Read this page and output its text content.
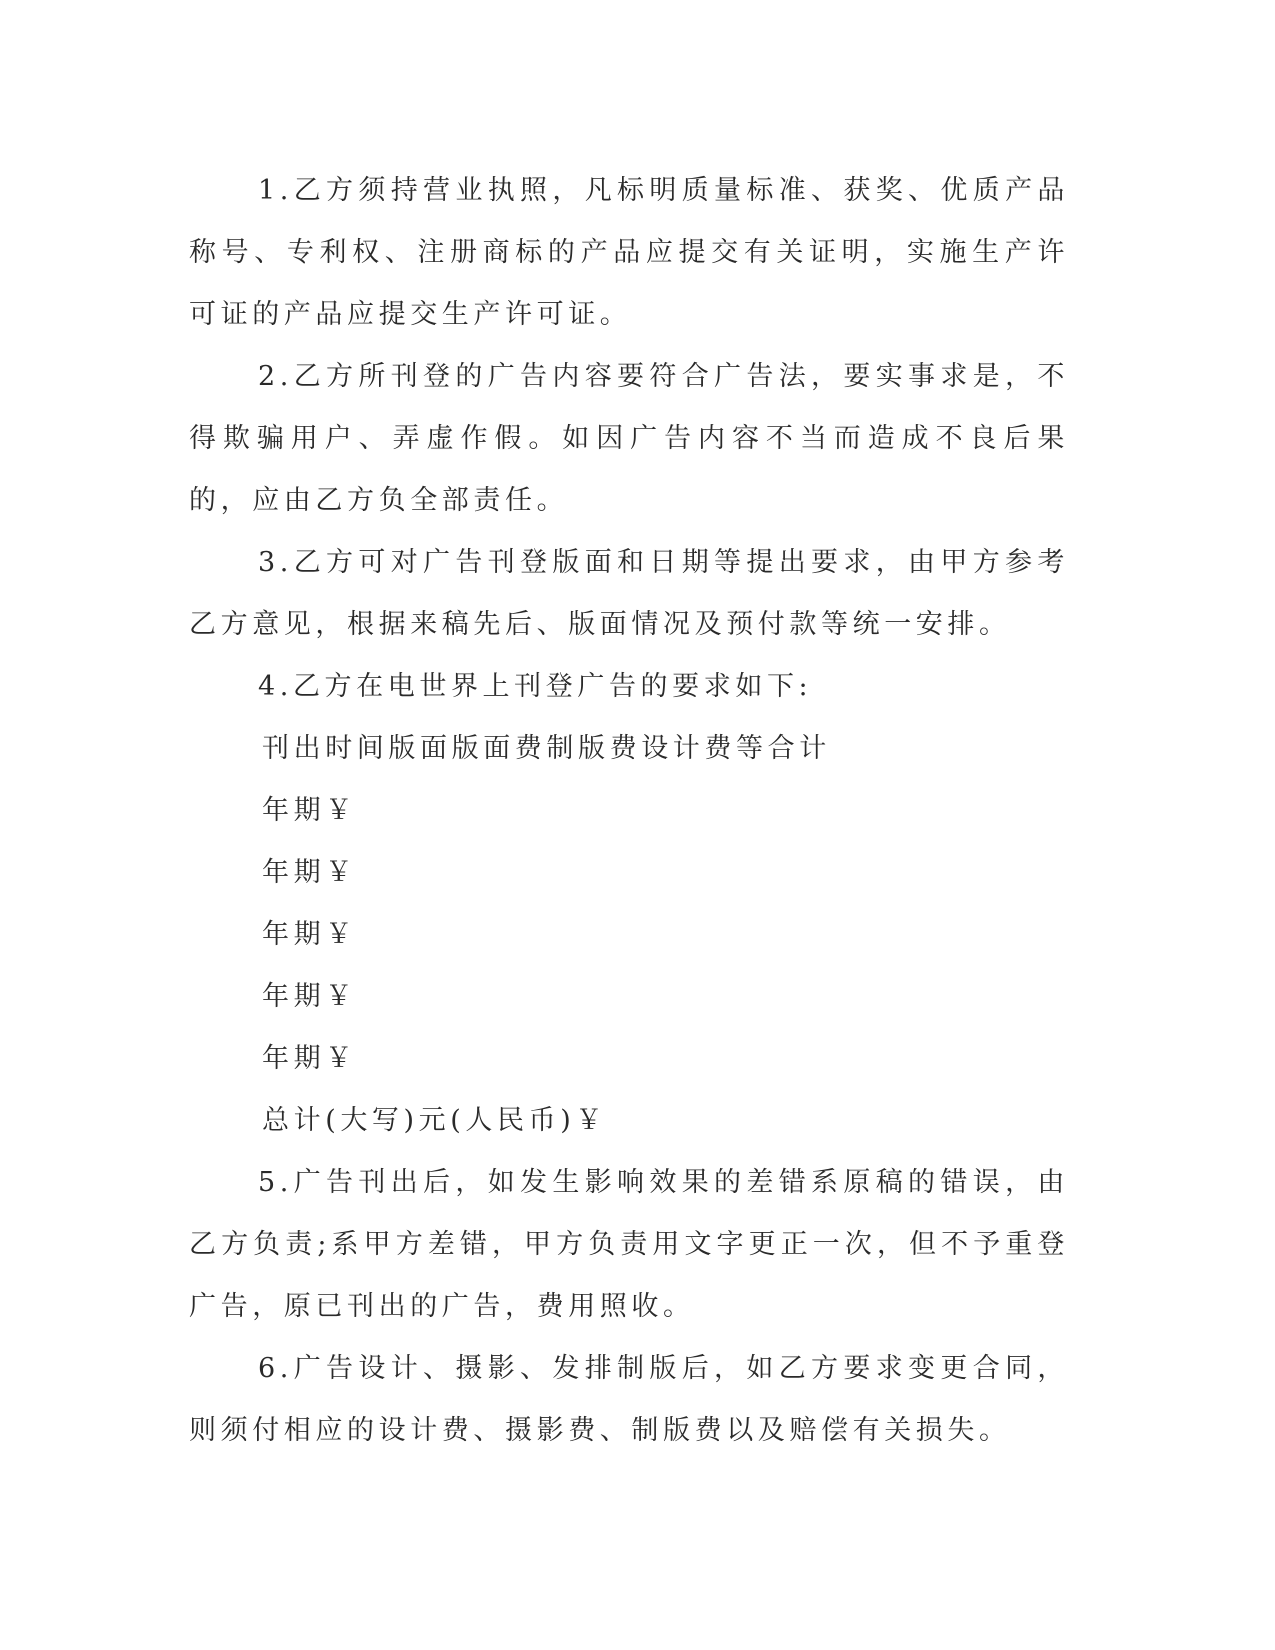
1.乙方须持营业执照，凡标明质量标准、获奖、优质产品称号、专利权、注册商标的产品应提交有关证明，实施生产许可证的产品应提交生产许可证。

2.乙方所刊登的广告内容要符合广告法，要实事求是，不得欺骗用户、弄虚作假。如因广告内容不当而造成不良后果的，应由乙方负全部责任。

3.乙方可对广告刊登版面和日期等提出要求，由甲方参考乙方意见，根据来稿先后、版面情况及预付款等统一安排。

4.乙方在电世界上刊登广告的要求如下:

刊出时间版面版面费制版费设计费等合计

年期￥

年期￥

年期￥

年期￥

年期￥

总计(大写)元(人民币)￥

5.广告刊出后，如发生影响效果的差错系原稿的错误，由乙方负责;系甲方差错，甲方负责用文字更正一次，但不予重登广告，原已刊出的广告，费用照收。

6.广告设计、摄影、发排制版后，如乙方要求变更合同，则须付相应的设计费、摄影费、制版费以及赔偿有关损失。
